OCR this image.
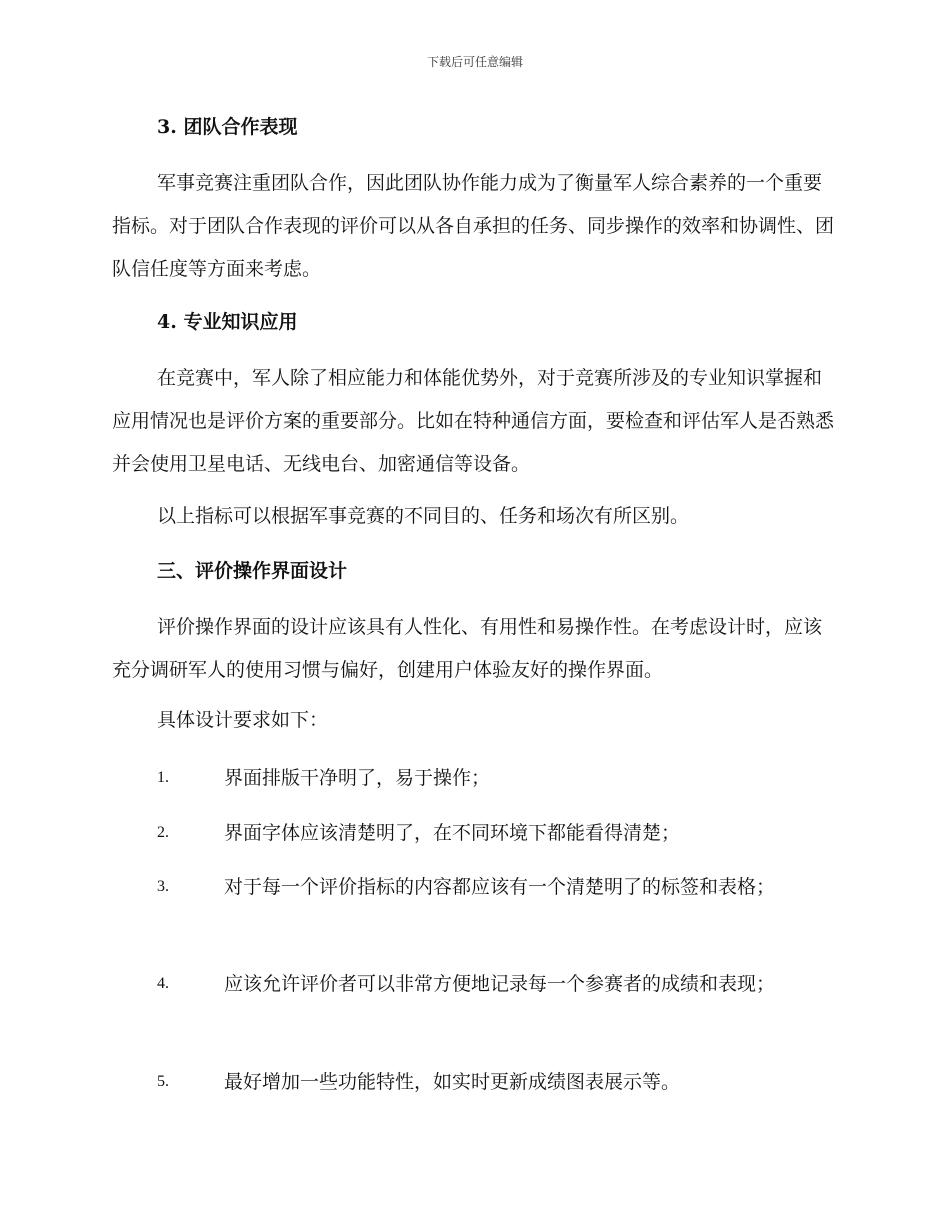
下载后可任意编辑
3. 团队合作表现

军事竞赛注重团队合作，因此团队协作能力成为了衡量军人综合素养的一个重要指标。对于团队合作表现的评价可以从各自承担的任务、同步操作的效率和协调性、团队信任度等方面来考虑。

4. 专业知识应用

在竞赛中，军人除了相应能力和体能优势外，对于竞赛所涉及的专业知识掌握和应用情况也是评价方案的重要部分。比如在特种通信方面，要检查和评估军人是否熟悉并会使用卫星电话、无线电台、加密通信等设备。

以上指标可以根据军事竞赛的不同目的、任务和场次有所区别。
三、评价操作界面设计

评价操作界面的设计应该具有人性化、有用性和易操作性。在考虑设计时，应该充分调研军人的使用习惯与偏好，创建用户体验友好的操作界面。

具体设计要求如下：
1.	界面排版干净明了，易于操作；
2.	界面字体应该清楚明了，在不同环境下都能看得清楚；
3.	对于每一个评价指标的内容都应该有一个清楚明了的标签和表格；
4.	应该允许评价者可以非常方便地记录每一个参赛者的成绩和表现；
5.	最好增加一些功能特性，如实时更新成绩图表展示等。
